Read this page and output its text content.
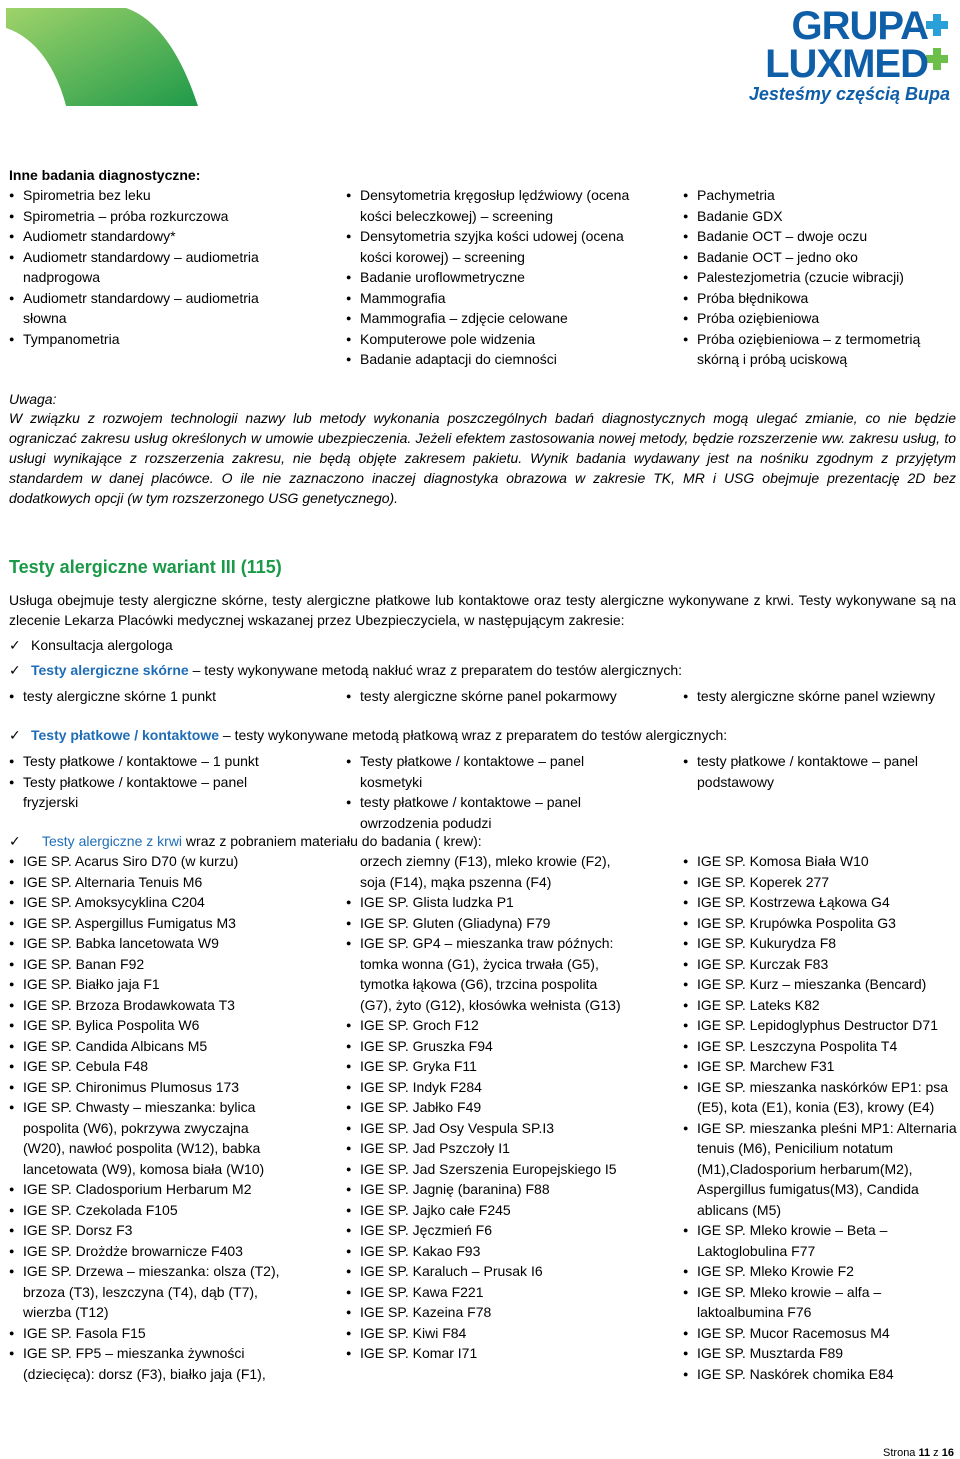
GRUPA
LUXMED
Jesteśmy częścią Bupa
Inne badania diagnostyczne:
● Spirometria bez leku
● Spirometria – próba rozkurczowa
● Audiometr standardowy*
● Audiometr standardowy – audiometria nadprogowa
● Audiometr standardowy – audiometria słowna
● Tympanometria
● Densytometria kręgosłup lędźwiowy (ocena kości beleczkowej) – screening
● Densytometria szyjka kości udowej (ocena kości korowej) – screening
● Badanie uroflowmetryczne
● Mammografia
● Mammografia – zdjęcie celowane
● Komputerowe pole widzenia
● Badanie adaptacji do ciemności
● Pachymetria
● Badanie GDX
● Badanie OCT – dwoje oczu
● Badanie OCT – jedno oko
● Palestezjometria (czucie wibracji)
● Próba błędnikowa
● Próba oziębieniowa
● Próba oziębieniowa – z termometrią skórną i próbą uciskową
Uwaga:
W związku z rozwojem technologii nazwy lub metody wykonania poszczególnych badań diagnostycznych mogą ulegać zmianie, co nie będzie ograniczać zakresu usług określonych w umowie ubezpieczenia. Jeżeli efektem zastosowania nowej metody, będzie rozszerzenie ww. zakresu usług, to usługi wynikające z rozszerzenia zakresu, nie będą objęte zakresem pakietu. Wynik badania wydawany jest na nośniku zgodnym z przyjętym standardem w danej placówce. O ile nie zaznaczono inaczej diagnostyka obrazowa w zakresie TK, MR i USG obejmuje prezentację 2D bez dodatkowych opcji (w tym rozszerzonego USG genetycznego).
Testy alergiczne wariant III (115)
Usługa obejmuje testy alergiczne skórne, testy alergiczne płatkowe lub kontaktowe oraz testy alergiczne wykonywane z krwi. Testy wykonywane są na zlecenie Lekarza Placówki medycznej wskazanej przez Ubezpieczyciela, w następującym zakresie:
✓ Konsultacja alergologa
✓ Testy alergiczne skórne – testy wykonywane metodą nakłuć wraz z preparatem do testów alergicznych:
● testy alergiczne skórne 1 punkt	● testy alergiczne skórne panel pokarmowy	● testy alergiczne skórne panel wziewny
✓ Testy płatkowe / kontaktowe – testy wykonywane metodą płatkową wraz z preparatem do testów alergicznych:
● Testy płatkowe / kontaktowe – 1 punkt
● Testy płatkowe / kontaktowe – panel fryzjerski
● Testy płatkowe / kontaktowe – panel kosmetyki
● testy płatkowe / kontaktowe – panel owrzodzenia podudzi
● testy płatkowe / kontaktowe – panel podstawowy
✓ Testy alergiczne z krwi wraz z pobraniem materiału do badania ( krew):
● IGE SP. Acarus Siro D70 (w kurzu)
● IGE SP. Alternaria Tenuis M6
● IGE SP. Amoksycyklina C204
● IGE SP. Aspergillus Fumigatus M3
● IGE SP. Babka lancetowata W9
● IGE SP. Banan F92
● IGE SP. Białko jaja F1
● IGE SP. Brzoza Brodawkowata T3
● IGE SP. Bylica Pospolita W6
● IGE SP. Candida Albicans M5
● IGE SP. Cebula F48
● IGE SP. Chironimus Plumosus 173
● IGE SP. Chwasty – mieszanka: bylica pospolita (W6), pokrzywa zwyczajna (W20), nawłoć pospolita (W12), babka lancetowata (W9), komosa biała (W10)
● IGE SP. Cladosporium Herbarum M2
● IGE SP. Czekolada F105
● IGE SP. Dorsz F3
● IGE SP. Drożdże browarnicze F403
● IGE SP. Drzewa – mieszanka: olsza (T2), brzoza (T3), leszczyna (T4), dąb (T7), wierzba (T12)
● IGE SP. Fasola F15
● IGE SP. FP5 – mieszanka żywności (dziecięca): dorsz (F3), białko jaja (F1),
orzech ziemny (F13), mleko krowie (F2), soja (F14), mąka pszenna (F4)
● IGE SP. Glista ludzka P1
● IGE SP. Gluten (Gliadyna) F79
● IGE SP. GP4 – mieszanka traw późnych: tomka wonna (G1), życica trwała (G5), tymotka łąkowa (G6), trzcina pospolita (G7), żyto (G12), kłosówka wełnista (G13)
● IGE SP. Groch F12
● IGE SP. Gruszka F94
● IGE SP. Gryka F11
● IGE SP. Indyk F284
● IGE SP. Jabłko F49
● IGE SP. Jad Osy Vespula SP.I3
● IGE SP. Jad Pszczoły I1
● IGE SP. Jad Szerszenia Europejskiego I5
● IGE SP. Jagnię (baranina) F88
● IGE SP. Jajko całe F245
● IGE SP. Jęczmień F6
● IGE SP. Kakao F93
● IGE SP. Karaluch – Prusak I6
● IGE SP. Kawa F221
● IGE SP. Kazeina F78
● IGE SP. Kiwi F84
● IGE SP. Komar I71
● IGE SP. Komosa Biała W10
● IGE SP. Koperek 277
● IGE SP. Kostrzewa Łąkowa G4
● IGE SP. Krupówka Pospolita G3
● IGE SP. Kukurydza F8
● IGE SP. Kurczak F83
● IGE SP. Kurz – mieszanka (Bencard)
● IGE SP. Lateks K82
● IGE SP. Lepidoglyphus Destructor D71
● IGE SP. Leszczyna Pospolita T4
● IGE SP. Marchew F31
● IGE SP. mieszanka naskórków EP1: psa (E5), kota (E1), konia (E3), krowy (E4)
● IGE SP. mieszanka pleśni MP1: Alternaria tenuis (M6), Penicilium notatum (M1),Cladosporium herbarum(M2), Aspergillus fumigatus(M3), Candida ablicans (M5)
● IGE SP. Mleko krowie – Beta – Laktoglobulina F77
● IGE SP. Mleko Krowie F2
● IGE SP. Mleko krowie – alfa – laktoalbumina F76
● IGE SP. Mucor Racemosus M4
● IGE SP. Musztarda F89
● IGE SP. Naskórek chomika E84
Strona 11 z 16
